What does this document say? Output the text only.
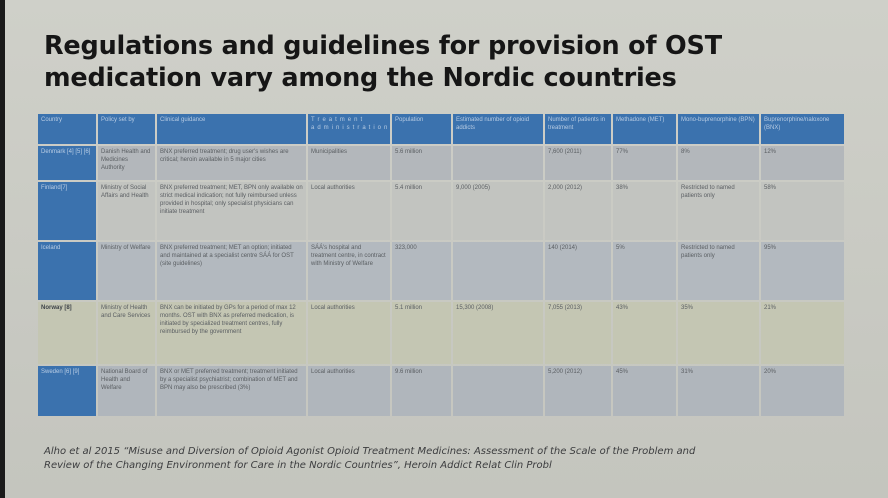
Regulations and guidelines for provision of OST
medication vary among the Nordic countries
Country	Policy set by	Clinical guidance	Treatment administration	Population	Estimated number of opioid addicts	Number of patients in treatment	Methadone (MET)	Mono-buprenorphine (BPN)	Buprenorphine/naloxone (BNX)
Denmark [4] [5] [6]	Danish Health and Medicines Authority	BNX preferred treatment; drug user's wishes are critical; heroin available in 5 major cities	Municipalities	5.6 million		7,600 (2011)	77%	8%	12%
Finland[7]	Ministry of Social Affairs and Health	BNX preferred treatment; MET, BPN only available on strict medical indication; not fully reimbursed unless provided in hospital; only specialist physicians can initiate treatment	Local authorities	5.4 million	9,000 (2005)	2,000 (2012)	38%	Restricted to named patients only	58%
Iceland	Ministry of Welfare	BNX preferred treatment; MET an option; initiated and maintained at a specialist centre SÁÁ for OST (site guidelines)	SÁÁ's hospital and treatment centre, in contract with Ministry of Welfare	323,000		140 (2014)	5%	Restricted to named patients only	95%
Norway [8]	Ministry of Health and Care Services	BNX can be initiated by GPs for a period of max 12 months. OST with BNX as preferred medication, is initiated by specialized treatment centres, fully reimbursed by the government	Local authorities	5.1 million	15,300 (2008)	7,055 (2013)	43%	35%	21%
Sweden [6] [9]	National Board of Health and Welfare	BNX or MET preferred treatment; treatment initiated by a specialist psychiatrist; combination of MET and BPN may also be prescribed (3%)	Local authorities	9.6 million		5,200 (2012)	45%	31%	20%
Alho et al 2015 “Misuse and Diversion of Opioid Agonist Opioid Treatment Medicines: Assessment of the Scale of the Problem and
Review of the Changing Environment for Care in the Nordic Countries”, Heroin Addict Relat Clin Probl
